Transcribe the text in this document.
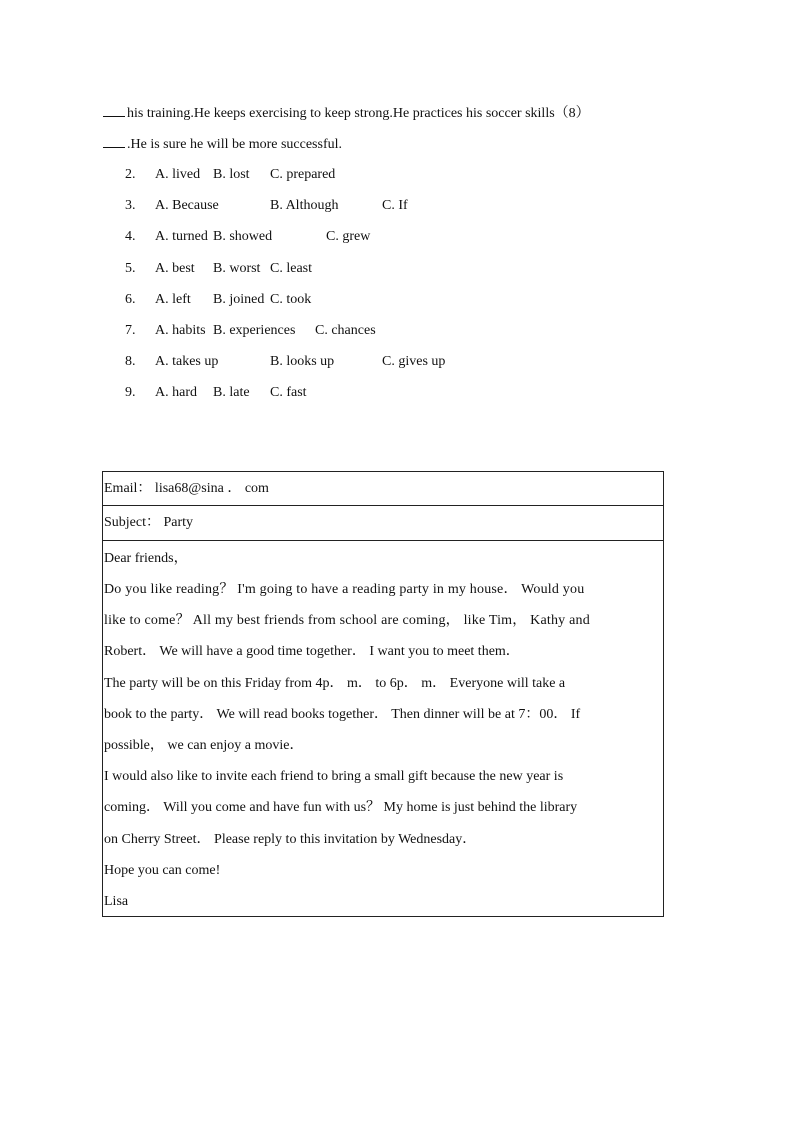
his training.He keeps exercising to keep strong.He practices his soccer skills（8）
.He is sure he will be more successful.
2. A. lived B. lost C. prepared
3. A. Because	B. Although	C. If
4. A. turned B. showed	C. grew
5. A. best B. worst C. least
6. A. left B. joined C. took
7. A. habits B. experiences C. chances
8. A. takes up	B. looks up	C. gives up
9. A. hard B. late C. fast
Email： lisa68@sina ． com
Subject： Party
Dear friends，
Do you like reading？ I'm going to have a reading party in my house． Would you
like to come？ All my best friends from school are coming， like Tim， Kathy and
Robert． We will have a good time together． I want you to meet them．
The party will be on this Friday from 4p． m． to 6p． m． Everyone will take a
book to the party． We will read books together． Then dinner will be at 7：00． If
possible， we can enjoy a movie．
I would also like to invite each friend to bring a small gift because the new year is
coming． Will you come and have fun with us？ My home is just behind the library
on Cherry Street． Please reply to this invitation by Wednesday．
Hope you can come!
Lisa
